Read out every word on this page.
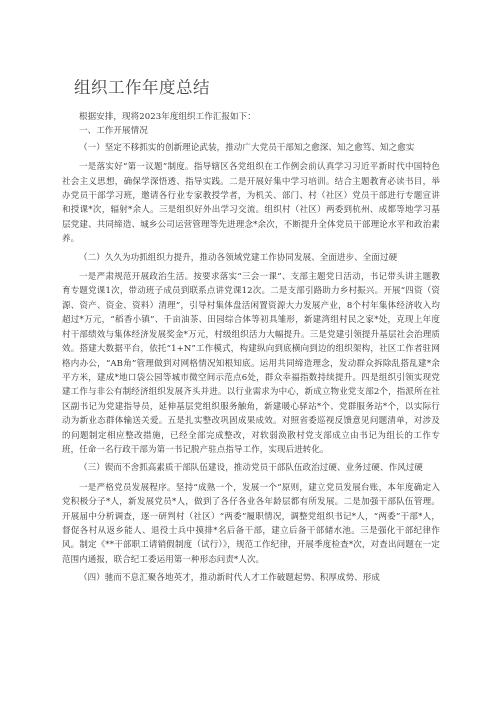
组织工作年度总结

根据安排，现将2023年度组织工作汇报如下：

一、工作开展情况

（一）坚定不移抓实的创新理论武装，推动广大党员干部知之愈深、知之愈笃、知之愈实

一是落实好“第一议题”制度。指导辖区各党组织在工作例会前认真学习习近平新时代中国特色社会主义思想，确保学深悟透、指导实践。二是开展好集中学习培训。结合主题教育必读书目，举办党员干部学习班，邀请各行业专家教授学者，为机关、部门、村（社区）党员干部进行专题宣讲和授课*次，辐射*余人。三是组织好外出学习交流。组织村（社区）两委到杭州、成都等地学习基层党建、共同缔造、城乡公司运营管理等先进理念*余次，不断提升全体党员干部理论水平和政治素养。

（二）久久为功抓组织力提升，推动各领域党建工作协同发展、全面进步、全面过硬

一是严肃规范开展政治生活。按要求落实“三会一课”、支部主题党日活动，书记带头讲主题教育专题党课1次，带动班子成员到联系点讲党课12次。二是支部引路助力乡村振兴。开展“四资（资源、资产、资金、资料）清理”，引导村集体盘活闲置资源大力发展产业，8个村年集体经济收入均超过*万元，“稻香小镇”、千亩油茶、田园综合体等初具雏形，新建湾组村民之家*处，克现上年度村干部绩效与集体经济发展奖金*万元，村级组织活力大幅提升。三是党建引领提升基层社会治理质效。搭建大数据平台，依托“1+N”工作模式，构建纵向到底横向到边的组织架构，社区工作者驻网格内办公，“AB角”管理做到对网格情况知根知底。运用共同缔造理念，发动群众拆除乱搭乱建*余平方米，建成*地口袋公园等城市微空间示范点6处，群众幸福指数持续提升。四是组织引领实现党建工作与非公有制经济组织发展齐头并进。以行业需求为中心，新成立物业党支部2个，指派所在社区副书记为党建指导员，延伸基层党组织服务触角，新建暖心驿站*个、党群服务站*个，以实际行动为新业态群体输送关爱。五是扎实整改巩固成果成效。对照省委巡视反馈意见问题清单，对涉及的问题制定相应整改措施，已经全部完成整改，对软弱涣散村党支部成立由书记为组长的工作专班，任命一名行政干部为第一书记脱产驻点指导工作，实现后进转化。

（三）锲而不舍抓高素质干部队伍建设，推动党员干部队伍政治过硬、业务过硬、作风过硬

一是严格党员发展程序。坚持“成熟一个，发展一个”原则，建立党员发展台账，本年度确定入党积极分子*人，新发展党员*人，做到了各仔各业各年龄层都有所发展。二是加强干部队伍管理。开展届中分析调查，逐一研判村（社区）“两委”履职情况，调整党组织书记*人，“两委”干部*人，督促各村从返乡能人、退役士兵中摸排*名后备干部，建立后备干部储水池。三是强化干部纪律作风。制定《**干部职工请销假制度（试行）》，规范工作纪律，开展季度检查*次，对查出问题在一定范围内通报，联合纪工委运用第一种形态问责*人次。

（四）驰而不息汇聚各地英才，推动新时代人才工作破题起势、积厚成势、形成
